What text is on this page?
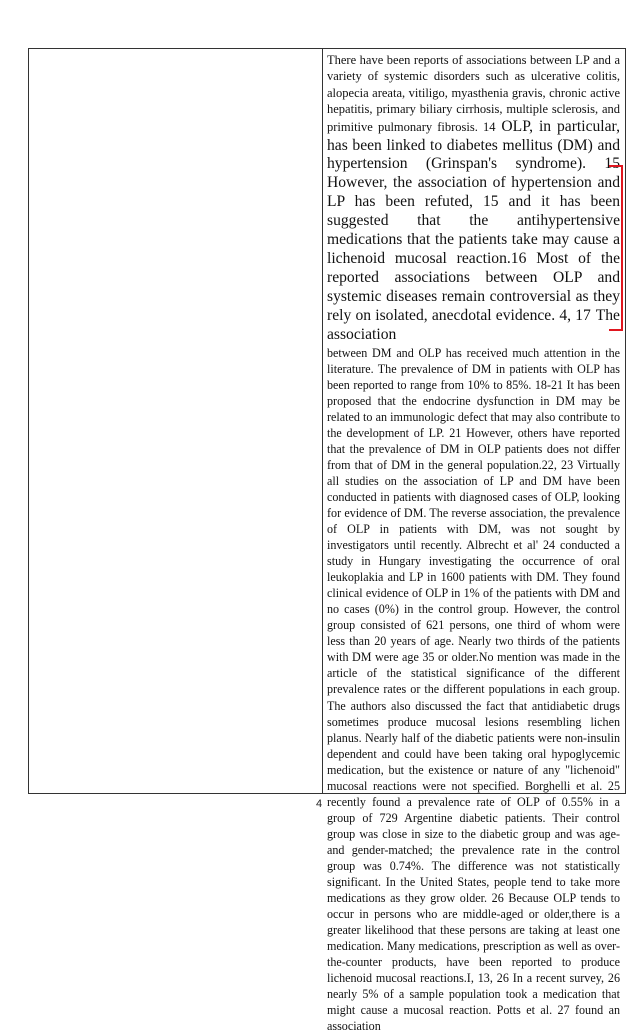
There have been reports of associations between LP and a variety of systemic disorders such as ulcerative colitis, alopecia areata, vitiligo, myasthenia gravis, chronic active hepatitis, primary biliary cirrhosis, multiple sclerosis, and primitive pulmonary fibrosis. 14 OLP, in particular, has been linked to diabetes mellitus (DM) and hypertension (Grinspan's syndrome). 15 However, the association of hypertension and LP has been refuted, 15 and it has been suggested that the antihypertensive medications that the patients take may cause a lichenoid mucosal reaction.16 Most of the reported associations between OLP and systemic diseases remain controversial as they rely on isolated, anecdotal evidence. 4, 17 The association

between DM and OLP has received much attention in the literature. The prevalence of DM in patients with OLP has been reported to range from 10% to 85%. 18-21 It has been proposed that the endocrine dysfunction in DM may be related to an immunologic defect that may also contribute to the development of LP. 21 However, others have reported that the prevalence of DM in OLP patients does not differ from that of DM in the general population.22, 23 Virtually all studies on the association of LP and DM have been conducted in patients with diagnosed cases of OLP, looking for evidence of DM. The reverse association, the prevalence of OLP in patients with DM, was not sought by investigators until recently. Albrecht et al' 24 conducted a study in Hungary investigating the occurrence of oral leukoplakia and LP in 1600 patients with DM. They found clinical evidence of OLP in 1% of the patients with DM and no cases (0%) in the control group. However, the control group consisted of 621 persons, one third of whom were less than 20 years of age. Nearly two thirds of the patients with DM were age 35 or older.No mention was made in the article of the statistical significance of the different prevalence rates or the different populations in each group. The authors also discussed the fact that antidiabetic drugs sometimes produce mucosal lesions resembling lichen planus. Nearly half of the diabetic patients were non-insulin dependent and could have been taking oral hypoglycemic medication, but the existence or nature of any "lichenoid" mucosal reactions were not specified. Borghelli et al. 25 recently found a prevalence rate of OLP of 0.55% in a group of 729 Argentine diabetic patients. Their control group was close in size to the diabetic group and was age- and gender-matched; the prevalence rate in the control group was 0.74%. The difference was not statistically significant. In the United States, people tend to take more medications as they grow older. 26 Because OLP tends to occur in persons who are middle-aged or older,there is a greater likelihood that these persons are taking at least one medication. Many medications, prescription as well as over-the-counter products, have been reported to produce lichenoid mucosal reactions.I, 13, 26 In a recent survey, 26 nearly 5% of a sample population took a medication that might cause a mucosal reaction. Potts et al. 27 found an association

4
